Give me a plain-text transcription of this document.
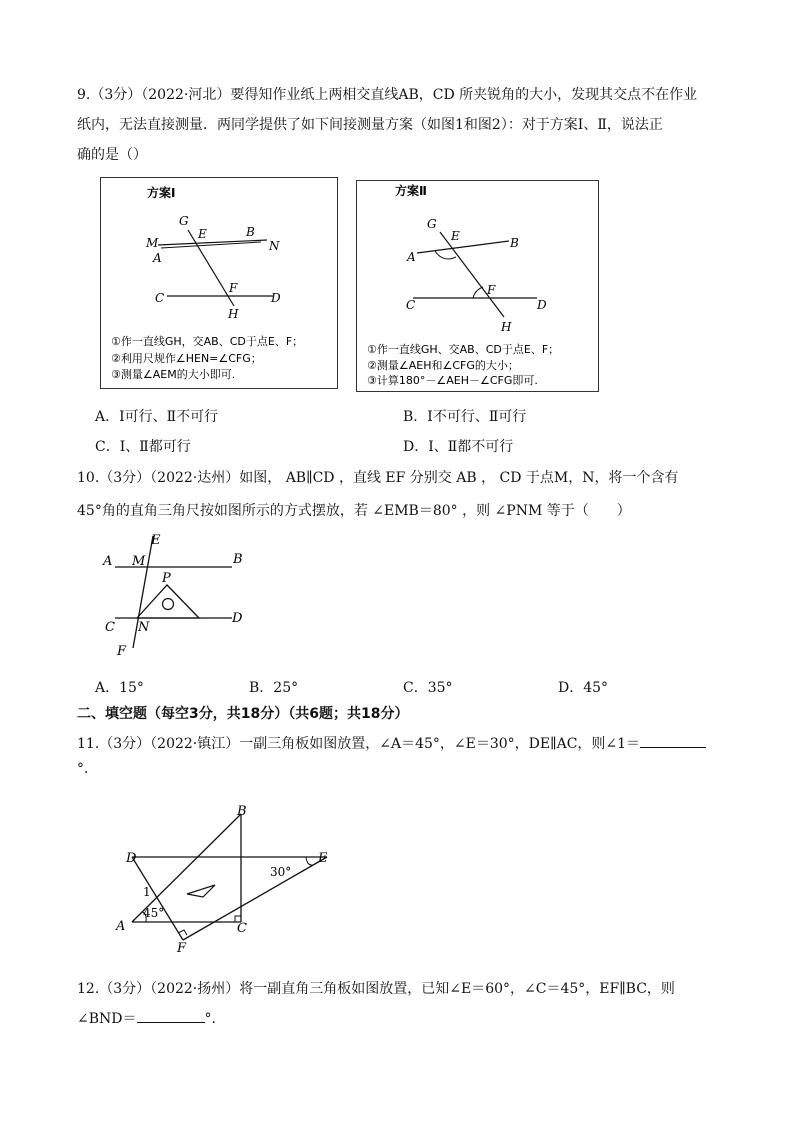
9.（3分）（2022·河北）要得知作业纸上两相交直线AB，CD 所夹锐角的大小，发现其交点不在作业
纸内，无法直接测量．两同学提供了如下间接测量方案（如图1和图2）：对于方案Ⅰ、Ⅱ，说法正
确的是（）
方案Ⅰ
G
E	B
M	N
A
F
C	D
H
①作一直线GH，交AB、CD于点E、F；
②利用尺规作∠HEN=∠CFG；
③测量∠AEM的大小即可.
方案Ⅱ
G
E	B
A
F
C	D
H
①作一直线GH、交AB、CD于点E、F；
②测量∠AEH和∠CFG的大小；
③计算180°－∠AEH－∠CFG即可.
A．Ⅰ可行、Ⅱ不可行	B．Ⅰ不可行、Ⅱ可行
C．Ⅰ、Ⅱ都可行	D．Ⅰ、Ⅱ都不可行
10.（3分）（2022·达州）如图， AB∥CD ，直线 EF 分别交 AB ， CD 于点M，N，将一个含有
45°角的直角三角尺按如图所示的方式摆放，若 ∠EMB＝80° ，则 ∠PNM 等于（　　）
A M
E
B
P
C N
D
F
A．15°	B．25°	C．35°	D．45°
二、填空题（每空3分，共18分）（共6题；共18分）
11.（3分）（2022·镇江）一副三角板如图放置，∠A＝45°，∠E＝30°，DE∥AC，则∠1＝
°.
B
D	E
1
30°
45°
A
F
C
12.（3分）（2022·扬州）将一副直角三角板如图放置，已知∠E＝60°，∠C＝45°，EF∥BC，则
∠BND＝	°.
